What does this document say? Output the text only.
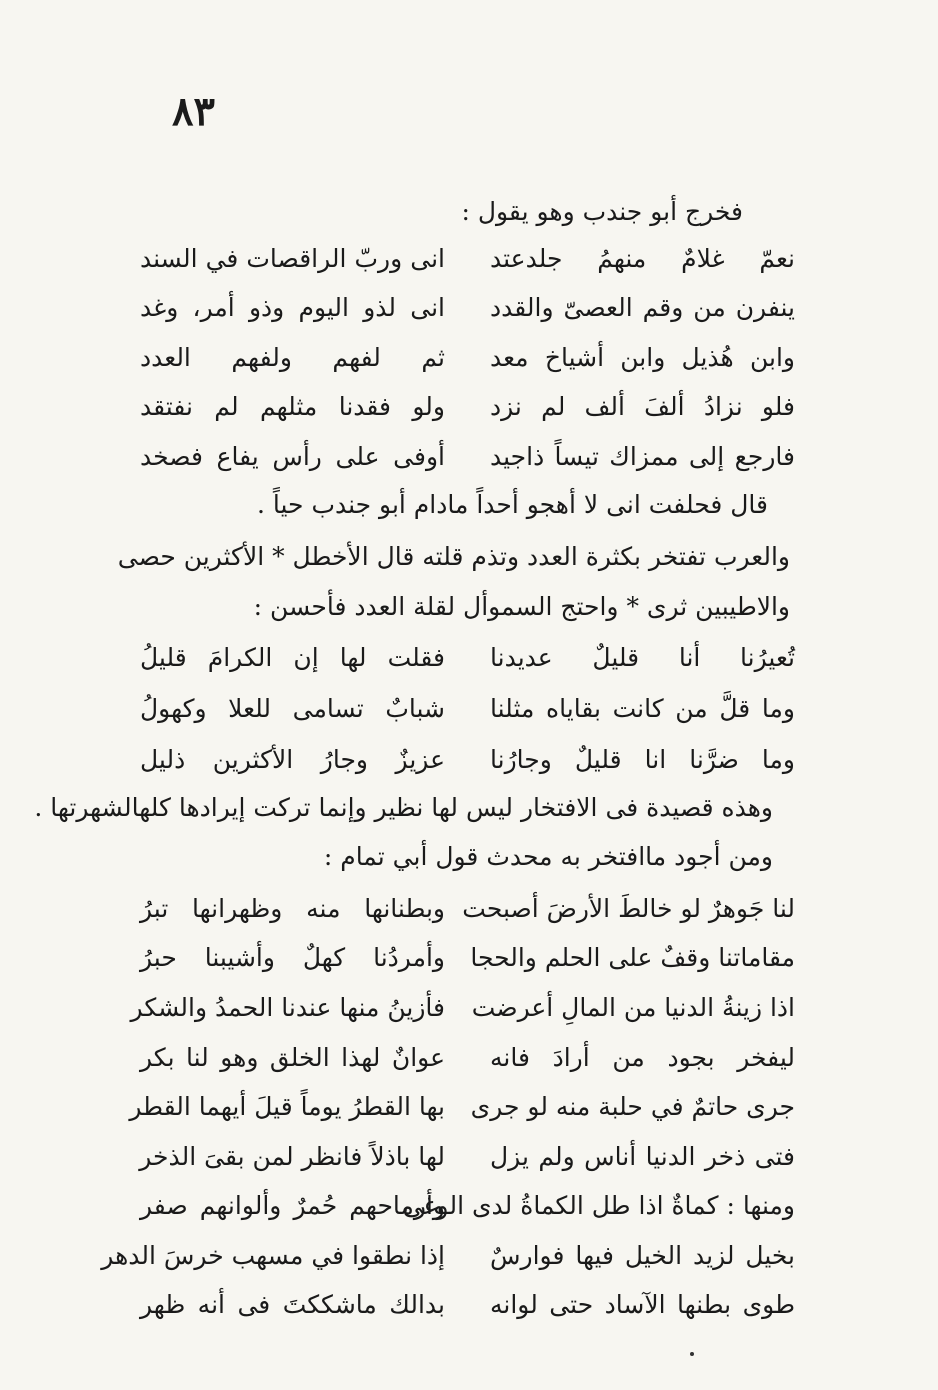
٨٣
فخرج أبو جندب وهو يقول :
نعمّ غلامٌ منهمُ جلدعتد
انى وربّ الراقصات في السند
ينفرن من وقم العصىّ والقدد
انى لذو اليوم وذو أمر، وغد
وابن هُذيل وابن أشياخ معد
ثم لفهم ولفهم العدد
فلو نزادُ ألفَ ألف لم نزد
ولو فقدنا مثلهم لم نفتقد
فارجع إلى ممزاك تيساً ذاجيد
أوفى على رأس يفاع فصخد
قال فحلفت انى لا أهجو أحداً مادام أبو جندب حياً .
والعرب تفتخر بكثرة العدد وتذم قلته قال الأخطل * الأكثرين حصى
والاطيبين ثرى * واحتج السموأل لقلة العدد فأحسن :
تُعيرُنا أنا قليلٌ عديدنا
فقلت لها إن الكرامَ قليلُ
وما قلَّ من كانت بقاياه مثلنا
شبابٌ تسامى للعلا وكهولُ
وما ضرَّنا انا قليلٌ وجارُنا
عزيزٌ وجارُ الأكثرين ذليل
وهذه قصيدة فى الافتخار ليس لها نظير وإنما تركت إيرادها كلهالشهرتها .
ومن أجود ماافتخر به محدث قول أبي تمام :
لنا جَوهرٌ لو خالطَ الأرضَ أصبحت
وبطنانها منه وظهرانها تبرُ
مقاماتنا وقفٌ على الحلم والحجا
وأمردُنا كهلٌ وأشيبنا حبرُ
اذا زينةُ الدنيا من المالِ أعرضت
فأزينُ منها عندنا الحمدُ والشكر
ليفخر بجود من أرادَ فانه
عوانٌ لهذا الخلق وهو لنا بكر
جرى حاتمٌ في حلبة منه لو جرى
بها القطرُ يوماً قيلَ أيهما القطر
فتى ذخر الدنيا أناس ولم يزل
لها باذلاً فانظر لمن بقىَ الذخر
ومنها : كماةٌ اذا طل الكماةُ لدى الوغى
وأرماحهم حُمرٌ وألوانهم صفر
بخيل لزيد الخيل فيها فوارسٌ
إذا نطقوا في مسهب خرسَ الدهر
طوى بطنها الآساد حتى لوانه
بدالك ماشككتَ فى أنه ظهر
